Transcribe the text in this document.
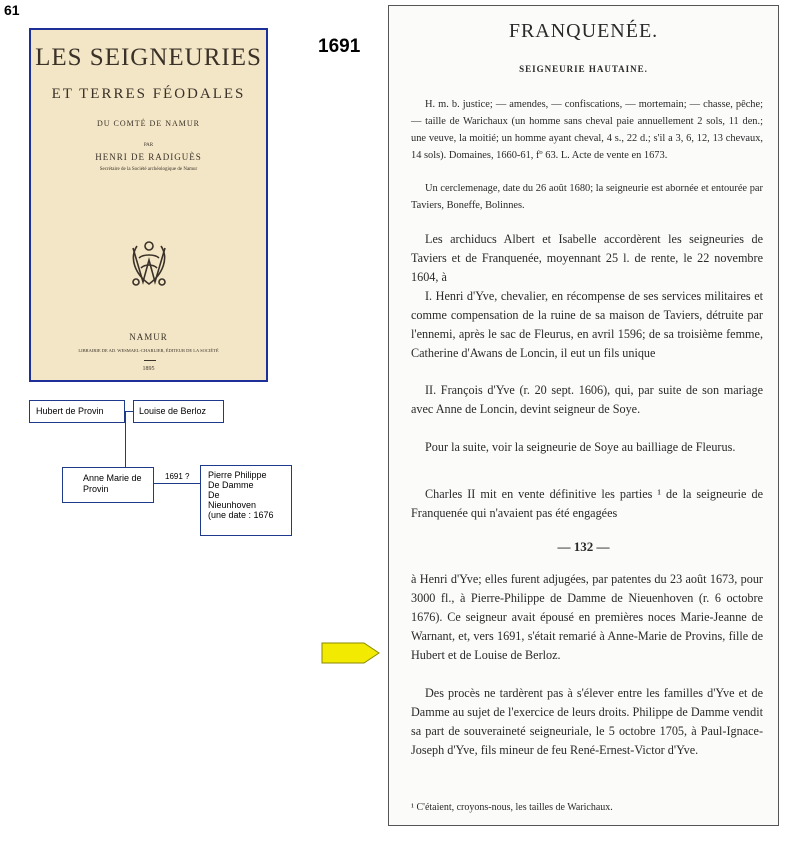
61
1691
LES SEIGNEURIES
ET TERRES FÉODALES
DU COMTÉ DE NAMUR
PAR
HENRI DE RADIGUÈS
Secrétaire de la Société archéologique de Namur
NAMUR
LIBRAIRIE DE AD. WESMAEL-CHARLIER, ÉDITEUR DE LA SOCIÉTÉ
1895
Hubert de Provin	Louise de Berloz
Anne Marie de
Provin
1691 ? Pierre Philippe
De Damme
De
Nieunhoven
(une date : 1676
FRANQUENÉE.
SEIGNEURIE HAUTAINE.
H. m. b. justice; — amendes, — confiscations, — mortemain; — chasse, pêche; — taille de Warichaux (un homme sans cheval paie annuellement 2 sols, 11 den.; une veuve, la moitié; un homme ayant cheval, 4 s., 22 d.; s'il a 3, 6, 12, 13 chevaux, 14 sols). Domaines, 1660-61, fº 63. L. Acte de vente en 1673.
Un cerclemenage, date du 26 août 1680; la seigneurie est abornée et entourée par Taviers, Boneffe, Bolinnes.
Les archiducs Albert et Isabelle accordèrent les seigneuries de Taviers et de Franquenée, moyennant 25 l. de rente, le 22 novembre 1604, à
I. Henri d'Yve, chevalier, en récompense de ses services militaires et comme compensation de la ruine de sa maison de Taviers, détruite par l'ennemi, après le sac de Fleurus, en avril 1596; de sa troisième femme, Catherine d'Awans de Loncin, il eut un fils unique
II. François d'Yve (r. 20 sept. 1606), qui, par suite de son mariage avec Anne de Loncin, devint seigneur de Soye.
Pour la suite, voir la seigneurie de Soye au bailliage de Fleurus.
Charles II mit en vente définitive les parties ¹ de la seigneurie de Franquenée qui n'avaient pas été engagées
— 132 —
à Henri d'Yve; elles furent adjugées, par patentes du 23 août 1673, pour 3000 fl., à Pierre-Philippe de Damme de Nieuenhoven (r. 6 octobre 1676). Ce seigneur avait épousé en premières noces Marie-Jeanne de Warnant, et, vers 1691, s'était remarié à Anne-Marie de Provins, fille de Hubert et de Louise de Berloz.
Des procès ne tardèrent pas à s'élever entre les familles d'Yve et de Damme au sujet de l'exercice de leurs droits. Philippe de Damme vendit sa part de souveraineté seigneuriale, le 5 octobre 1705, à Paul-Ignace-Joseph d'Yve, fils mineur de feu René-Ernest-Victor d'Yve.
¹ C'étaient, croyons-nous, les tailles de Warichaux.
